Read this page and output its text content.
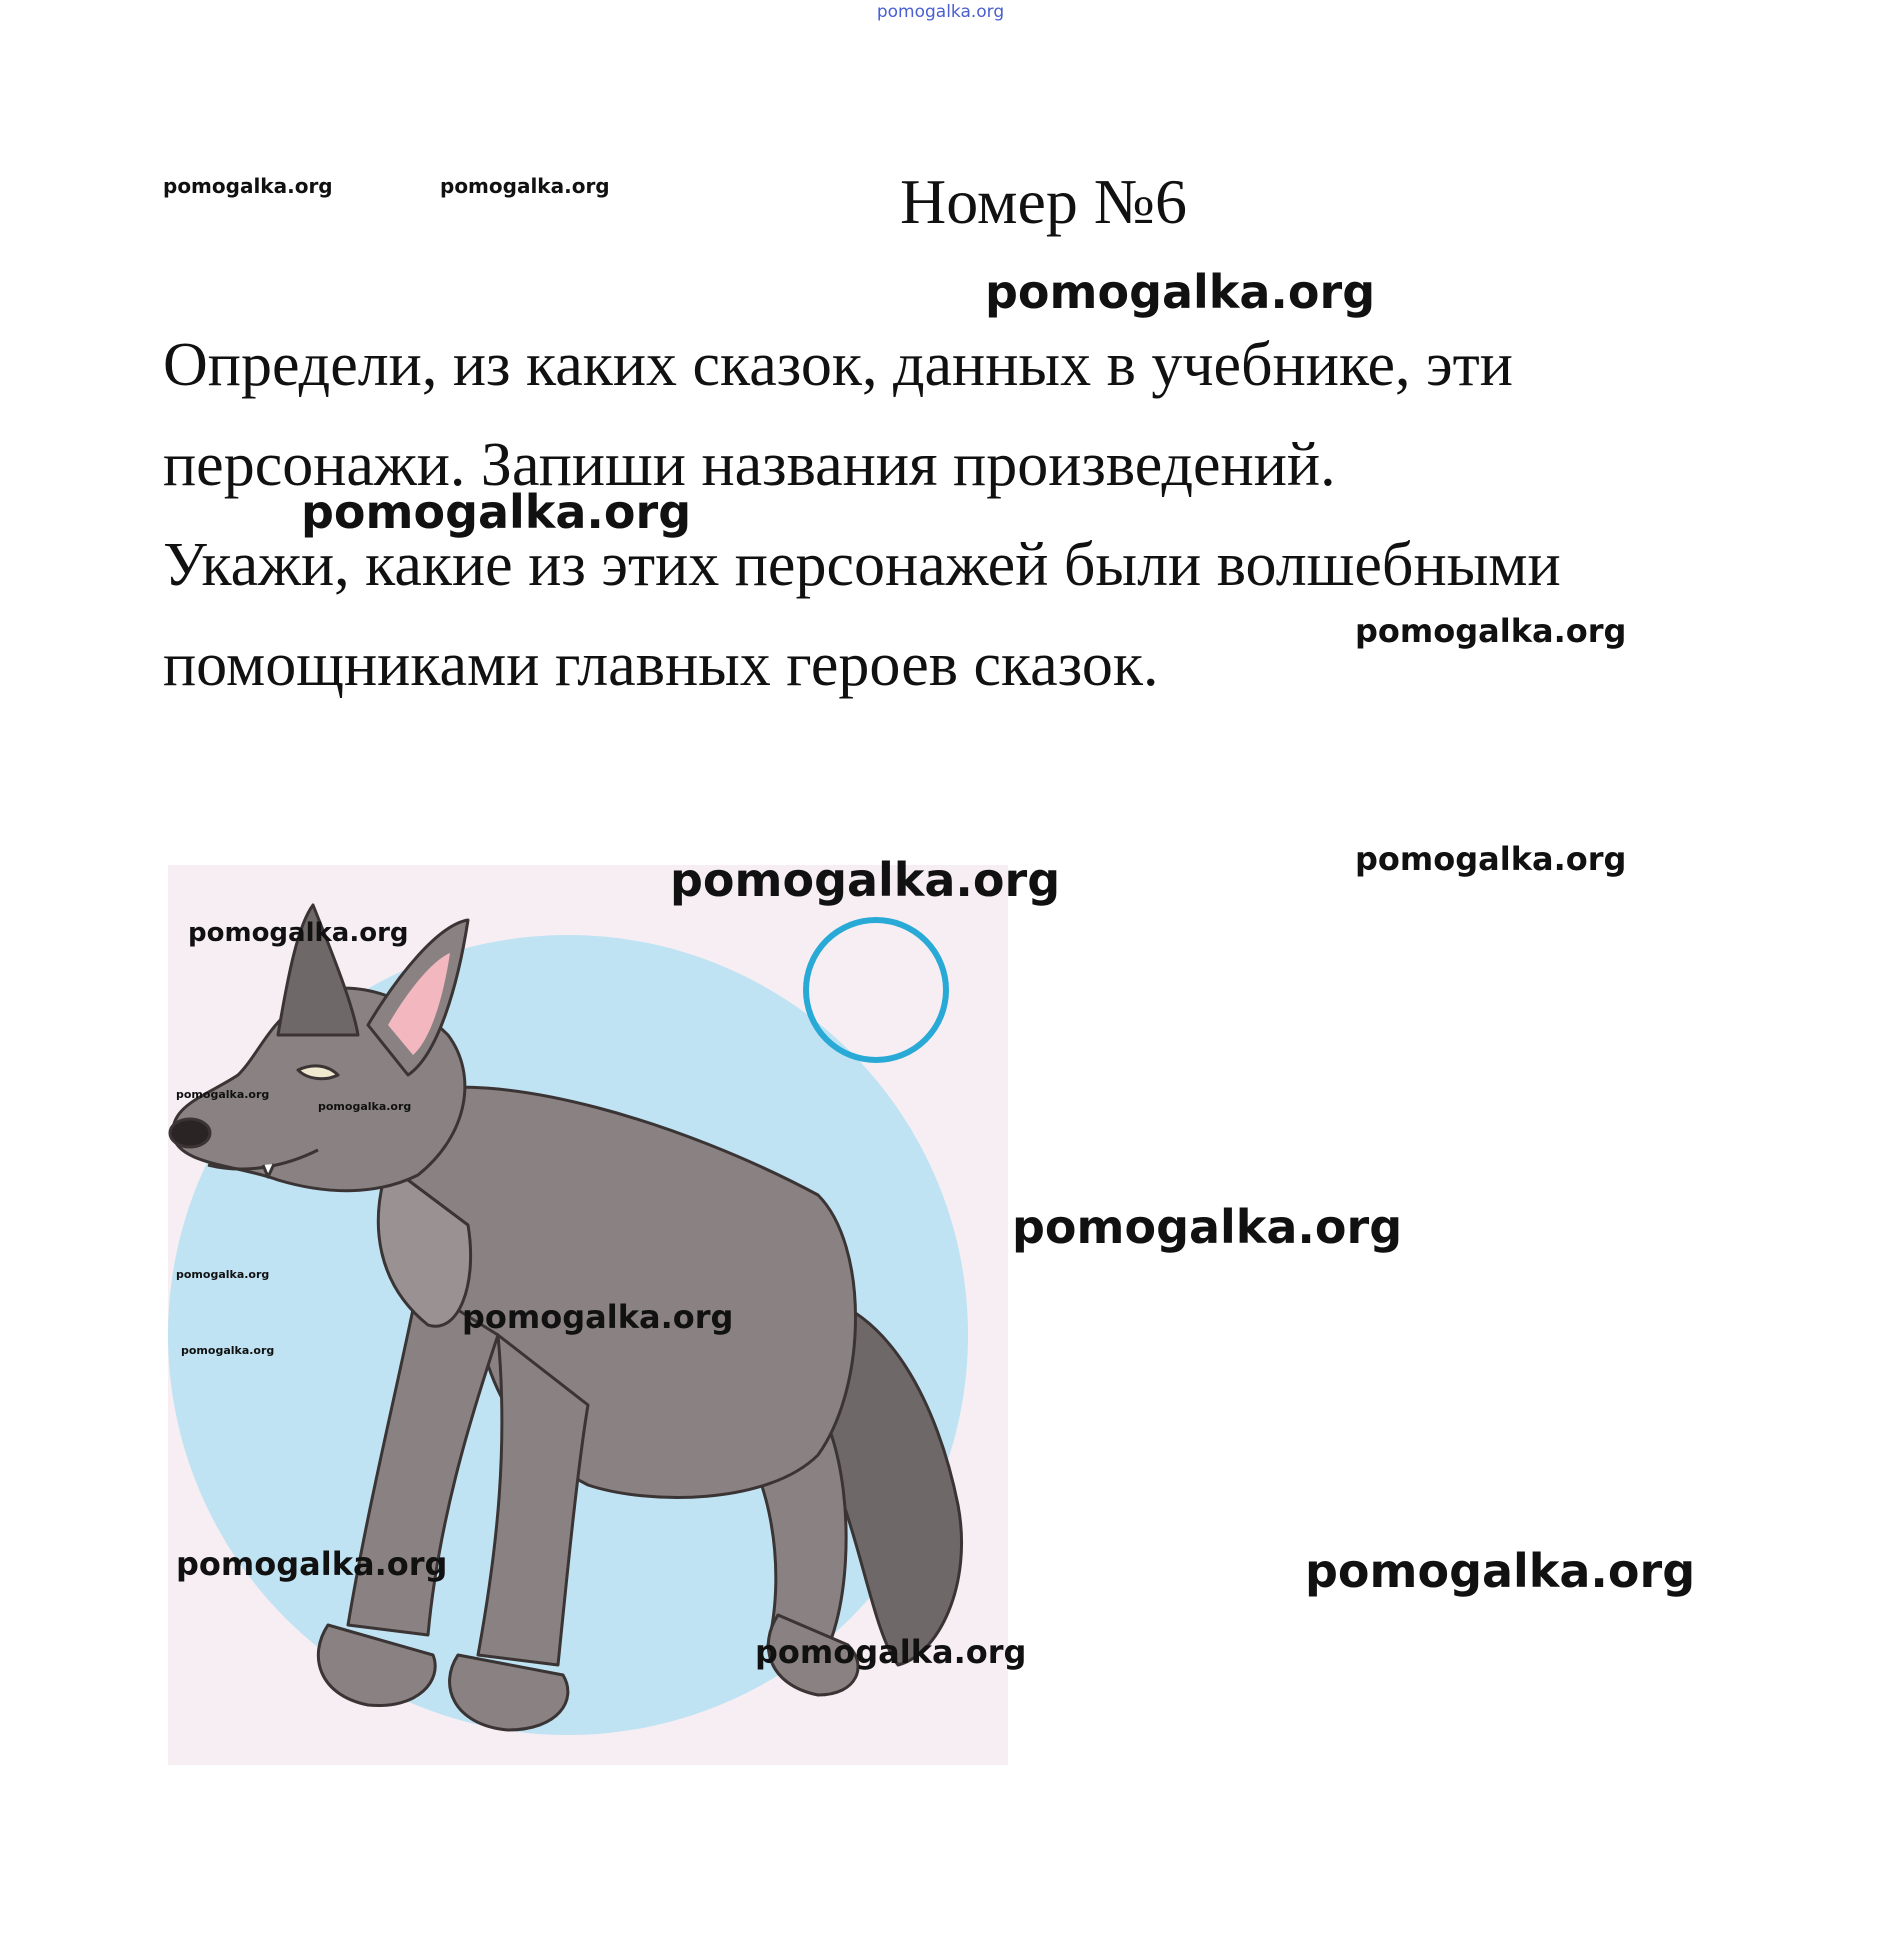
pomogalka.org
Номер №6
Определи, из каких сказок, данных в учебнике, эти
персонажи. Запиши названия произведений.
Укажи, какие из этих персонажей были волшебными
помощниками главных героев сказок.
pomogalka.org	pomogalka.org
pomogalka.org
pomogalka.org
pomogalka.org
pomogalka.org
pomogalka.org
pomogalka.org
pomogalka.org
pomogalka.org
pomogalka.org
pomogalka.org
pomogalka.org
pomogalka.org
pomogalka.org	pomogalka.org
pomogalka.org
